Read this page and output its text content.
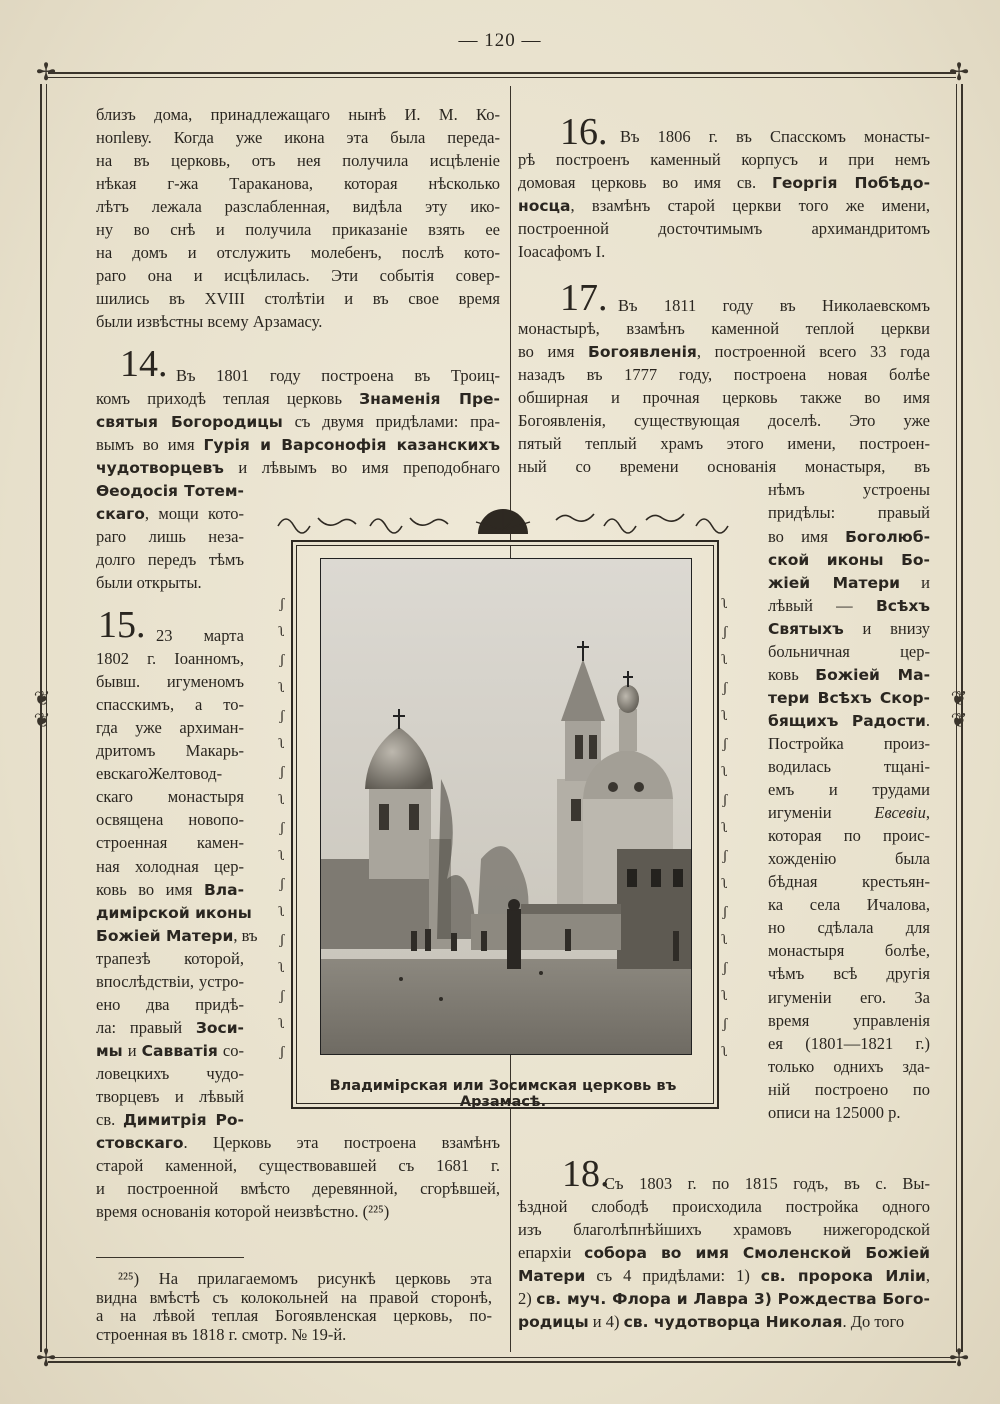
— 120 —
✢	✢
✢	✢
❦
❦
❦
❦
близъ дома, принадлежащаго нынѣ И. М. Ко-
нопleву. Когда уже икона эта была переда-
на въ церковь, отъ нея получила исцѣленіе
нѣкая г-жа Тараканова, которая нѣсколько
лѣтъ лежала разслабленная, видѣла эту ико-
ну во снѣ и получила приказаніе взять ее
на домъ и отслужить молебенъ, послѣ кото-
раго она и исцѣлилась. Эти событія совер-
шились въ XVIII столѣтіи и въ свое время
были извѣстны всему Арзамасу.
14. Въ 1801 году построена въ Троиц-
комъ приходѣ теплая церковь Знаменія Пре-
святыя Богородицы съ двумя придѣлами: пра-
вымъ во имя Гурія и Варсонофія казанскихъ
чудотворцевъ и лѣвымъ во имя преподобнаго
Ѳеодосія Тотем-
скаго, мощи кото-
раго лишь неза-
долго передъ тѣмъ
были открыты.
15. 23 марта
1802 г. Іоанномъ,
бывш. игуменомъ
спасскимъ, а то-
гда уже архиман-
дритомъ Макарь-
евскагоЖелтовод-
скаго монастыря
освящена новопо-
строенная камен-
ная холодная цер-
ковь во имя Вла-
димірской иконы
Божіей Матери, въ
трапезѣ которой,
впослѣдствіи, устро-
ено два придѣ-
ла: правый Зоси-
мы и Савватія со-
ловецкихъ чудо-
творцевъ и лѣвый
св. Димитрія Ро-
стовскаго. Церковь эта построена взамѣнъ
старой каменной, существовавшей съ 1681 г.
и построенной вмѣсто деревянной, сгорѣвшей,
время основанія которой неизвѣстно. (²²⁵)
²²⁵) На прилагаемомъ рисункѣ церковь эта
видна вмѣстѣ съ колокольней на правой сторонѣ,
а на лѣвой теплая Богоявленская церковь, по-
строенная въ 1818 г. смотр. № 19-й.
16. Въ 1806 г. въ Спасскомъ монасты-
рѣ построенъ каменный корпусъ и при немъ
домовая церковь во имя св. Георгія Побѣдо-
носца, взамѣнъ старой церкви того же имени,
построенной досточтимымъ архимандритомъ
Іоасафомъ I.
17. Въ 1811 году въ Николаевскомъ
монастырѣ, взамѣнъ каменной теплой церкви
во имя Богоявленія, построенной всего 33 года
назадъ въ 1777 году, построена новая болѣе
обширная и прочная церковь также во имя
Богоявленія, существующая доселѣ. Это уже
пятый теплый храмъ этого имени, построен-
ный со времени основанія монастыря, въ
нѣмъ устроены
придѣлы: правый
во имя Боголюб-
ской иконы Бо-
жіей Матери и
лѣвый — Всѣхъ
Святыхъ и внизу
больничная цер-
ковь Божіей Ма-
тери Всѣхъ Скор-
бящихъ Радости.
Постройка произ-
водилась тщані-
емъ и трудами
игуменіи Евсевіи,
которая по проис-
хожденію была
бѣдная крестьян-
ка села Ичалова,
но сдѣлала для
монастыря болѣе,
чѣмъ всѣ другія
игуменіи его. За
время управленія
ея (1801—1821 г.)
только однихъ зда-
ній построено по
описи на 125000 р.
18.
Съ 1803 г. по 1815 годъ, въ с. Вы-
ѣздной слободѣ происходила постройка одного
изъ благолѣпнѣйшихъ храмовъ нижегородской
епархіи собора во имя Смоленской Божіей
Матери съ 4 придѣлами: 1) св. пророка Иліи,
2) св. муч. Флора и Лавра 3) Рождества Бого-
родицы и 4) св. чудотворца Николая. До того
ʃ
ʅ
ʃ
ʅ
ʃ
ʅ
ʃ
ʅ
ʃ
ʅ
ʃ
ʅ
ʃ
ʅ
ʃ
ʅ
ʃ
ʅ
ʃ
ʅ
ʃ
ʅ
ʃ
ʅ
ʃ
ʅ
ʃ
ʅ
ʃ
ʅ
ʃ
ʅ
ʃ
ʅ
Владимірская или Зосимская церковь въ Арзамасѣ.
